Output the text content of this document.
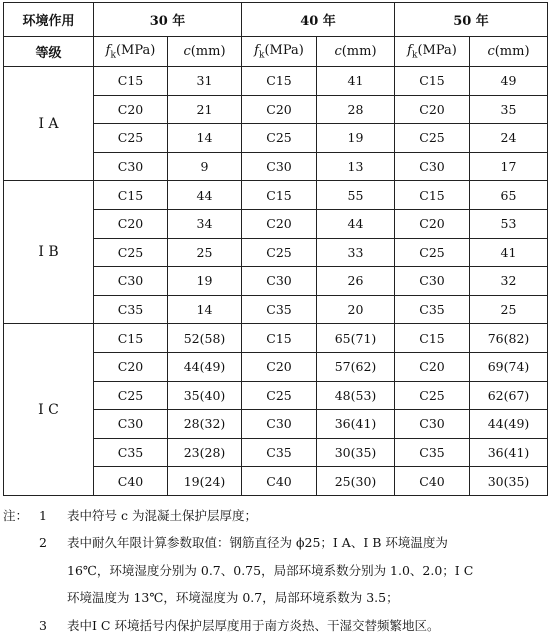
环境作用	30 年		40 年		50 年	
等级	$f_k(MPa)$	c(mm)	$f_k(MPa)$	c(mm)	$f_k(MPa)$	c(mm)
Ⅰ A	C15	31	C15	41	C15	49
	C20	21	C20	28	C20	35
	C25	14	C25	19	C25	24
	C30	9	C30	13	C30	17
Ⅰ B	C15	44	C15	55	C15	65
	C20	34	C20	44	C20	53
	C25	25	C25	33	C25	41
	C30	19	C30	26	C30	32
	C35	14	C35	20	C35	25
Ⅰ C	C15	52(58)	C15	65(71)	C15	76(82)
	C20	44(49)	C20	57(62)	C20	69(74)
	C25	35(40)	C25	48(53)	C25	62(67)
	C30	28(32)	C30	36(41)	C30	44(49)
	C35	23(28)	C35	30(35)	C35	36(41)
	C40	19(24)	C40	25(30)	C40	30(35)
注： 1	表中符号 c 为混凝土保护层厚度；
2	表中耐久年限计算参数取值：钢筋直径为 ϕ25；Ⅰ A、Ⅰ B 环境温度为
16℃，环境湿度分别为 0.7、0.75，局部环境系数分别为 1.0、2.0；Ⅰ C
环境温度为 13℃，环境湿度为 0.7，局部环境系数为 3.5；
3	表中Ⅰ C 环境括号内保护层厚度用于南方炎热、干湿交替频繁地区。
